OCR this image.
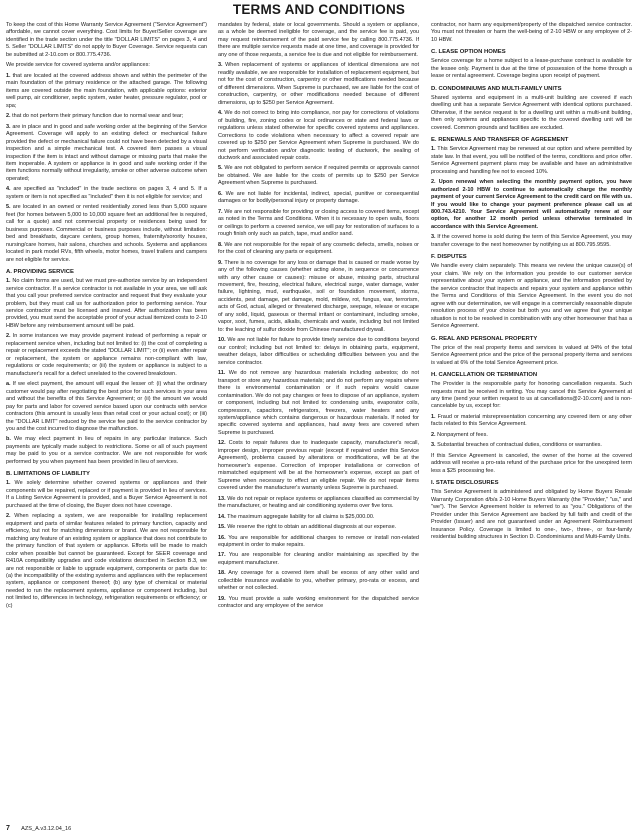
TERMS AND CONDITIONS

To keep the cost of this Home Warranty Service Agreement ("Service Agreement") affordable, we cannot cover everything. Cost limits for Buyer/Seller coverage are identified in the trade section under the title "DOLLAR LIMITS" on pages 3, 4 and 5. Seller "DOLLAR LIMITS" do not apply to Buyer Coverage. Service requests can be submitted at 2-10.com or 800.775.4736.

We provide service for covered systems and/or appliances:

1. that are located at the covered address shown and within the perimeter of the main foundation of the primary residence or the attached garage. The following items are covered outside the main foundation, with applicable options: exterior well pump, air conditioner, septic system, water heater, pressure regulator, pool or spa;

2. that do not perform their primary function due to normal wear and tear;

3. are in place and in good and safe working order at the beginning of the Service Agreement. Coverage will apply to an existing defect or mechanical failure provided the defect or mechanical failure could not have been detected by a visual inspection and a simple mechanical test. A covered item passes a visual inspection if the item is intact and without damage or missing parts that make the item inoperable. A system or appliance is in good and safe working order if the item functions normally without irregularity, smoke or other adverse outcome when operated;

4. are specified as "included" in the trade sections on pages 3, 4 and 5. If a system or item is not specified as "included" then it is not eligible for service; and

5. are located in an owned or rented residentially zoned less than 5,000 square feet (for homes between 5,000 to 10,000 square feet an additional fee is required, call for a quote) and not commercial property or residences being used for business purposes. Commercial or business purposes include, without limitation: bed and breakfasts, daycare centers, group homes, fraternity/sorority houses, nursing/care homes, hair salons, churches and schools. Systems and appliances located in park model RVs, fifth wheels, motor homes, travel trailers and campers are not eligible for service.

A. PROVIDING SERVICE

1. No claim forms are used, but we must pre-authorize service by an independent service contractor. If a service contractor is not available in your area, we will ask that you call your preferred service contractor and request that they evaluate your problem, but they must call us for authorization prior to performing service. Your service contractor must be licensed and insured. After authorization has been provided, you must send the acceptable proof of your actual itemized costs to 2-10 HBW before any reimbursement amount will be paid.

2. In some instances we may provide payment instead of performing a repair or replacement service when, including but not limited to: (i) the cost of completing a repair or replacement exceeds the stated "DOLLAR LIMIT"; or (ii) even after repair or replacement, the system or appliance remains non-compliant with law, regulations or code requirements; or (iii) the system or appliance is subject to a manufacturer's recall for a defect unrelated to the covered breakdown.

a. If we elect payment, the amount will equal the lesser of: (i) what the ordinary customer would pay after negotiating the best price for such services in your area and without the benefits of this Service Agreement; or (ii) the amount we would pay for parts and labor for covered service based upon our contracts with service contractors (this amount is usually less than retail cost or your actual cost); or (iii) the "DOLLAR LIMIT" reduced by the service fee paid to the service contractor by you and the cost incurred to diagnose the malfunction.

b. We may elect payment in lieu of repairs in any particular instance. Such payments are typically made subject to restrictions. Some or all of such payment may be paid to you or a service contractor. We are not responsible for work performed by you when payment has been provided in lieu of services.

B. LIMITATIONS OF LIABILITY

1. We solely determine whether covered systems or appliances and their components will be repaired, replaced or if payment is provided in lieu of services. If a Listing Service Agreement is provided, and a Buyer Service Agreement is not purchased at the time of closing, the Buyer does not have coverage.

2. When replacing a system, we are responsible for installing replacement equipment and parts of similar features related to primary function, capacity and efficiency, but not for matching dimensions or brand. We are not responsible for matching any feature of an existing system or appliance that does not contribute to the primary function of that system or appliance. Efforts will be made to match color when possible but cannot be guaranteed. Except for SEER coverage and R410A compatibility upgrades and code violations described in Section B.3, we are not responsible or liable to upgrade equipment, components or parts due to: (a) the incompatibility of the existing systems and appliances with the replacement system, appliance or component thereof; (b) any type of chemical or material needed to run the replacement systems, appliance or component including, but not limited to, differences in technology, refrigeration requirements or efficiency; or (c)

mandates by federal, state or local governments. Should a system or appliance, as a whole be deemed ineligible for coverage, and the service fee is paid, you may request reimbursement of the paid service fee by calling 800.775.4736. If there are multiple service requests made at one time, and coverage is provided for any one of those requests, a service fee is due and not eligible for reimbursement.

3. When replacement of systems or appliances of identical dimensions are not readily available, we are responsible for installation of replacement equipment, but not for the cost of construction, carpentry or other modifications needed because of different dimensions. When Supreme is purchased, we are liable for the cost of construction, carpentry, or other modifications needed because of different dimensions, up to $250 per Service Agreement.

4. We do not correct to bring into compliance, nor pay for corrections of violations of building, fire, zoning codes or local ordinances or state and federal laws or regulations unless stated otherwise for specific covered systems and appliances. Corrections to code violations when necessary to affect a covered repair are covered up to $250 per Service Agreement when Supreme is purchased. We do not perform verification and/or diagnostic testing of ductwork, the sealing of ductwork and associated repair costs.

5. We are not obligated to perform service if required permits or approvals cannot be obtained. We are liable for the costs of permits up to $250 per Service Agreement when Supreme is purchased.

6. We are not liable for incidental, indirect, special, punitive or consequential damages or for bodily/personal injury or property damage.

7. We are not responsible for providing or closing access to covered items, except as noted in the Terms and Conditions. When it is necessary to open walls, floors or ceilings to perform a covered service, we will pay for restoration of surfaces to a rough finish only such as patch, tape, mud and/or sand.

8. We are not responsible for the repair of any cosmetic defects, smells, noises or for the cost of cleaning any parts or equipment.

9. There is no coverage for any loss or damage that is caused or made worse by any of the following causes (whether acting alone, in sequence or concurrence with any other cause or causes): misuse or abuse, missing parts, structural movement, fire, freezing, electrical failure, electrical surge, water damage, water failure, lightning, mud, earthquake, soil or foundation movement, storms, accidents, pest damage, pet damage, mold, mildew, rot, fungus, war, terrorism, acts of God, actual, alleged or threatened discharge, seepage, release or escape of any solid, liquid, gaseous or thermal irritant or contaminant, including smoke, vapor, soot, fumes, acids, alkalis, chemicals and waste, including but not limited to: the leaching of sulfur dioxide from Chinese manufactured drywall.

10. We are not liable for failure to provide timely service due to conditions beyond our control; including but not limited to: delays in obtaining parts, equipment, weather delays, labor difficulties or scheduling difficulties between you and the service contractor.

11. We do not remove any hazardous materials including asbestos; do not transport or store any hazardous materials; and do not perform any repairs where there is environmental contamination or if such repairs would cause contamination. We do not pay changes or fees to dispose of an appliance, system or component, including but not limited to: condensing units, evaporator coils, compressors, capacitors, refrigerators, freezers, water heaters and any system/appliance which contains dangerous or hazardous materials. If noted for specific covered systems and appliances, haul away fees are covered when Supreme is purchased.

12. Costs to repair failures due to inadequate capacity, manufacturer's recall, improper design, improper previous repair (except if repaired under this Service Agreement), problems caused by alterations or modifications, will be at the homeowner's expense. Correction of improper installations or correction of mismatched equipment will be at the homeowner's expense, except as part of Supreme when necessary to effect an eligible repair. We do not repair items covered under the manufacturer's warranty unless Supreme is purchased.

13. We do not repair or replace systems or appliances classified as commercial by the manufacturer, or heating and air conditioning systems over five tons.

14. The maximum aggregate liability for all claims is $25,000.00.

15. We reserve the right to obtain an additional diagnosis at our expense.

16. You are responsible for additional charges to remove or install non-related equipment in order to make repairs.

17. You are responsible for cleaning and/or maintaining as specified by the equipment manufacturer.

18. Any coverage for a covered item shall be excess of any other valid and collectible insurance available to you, whether primary, pro-rata or excess, and whether or not collected.

19. You must provide a safe working environment for the dispatched service contractor and any employee of the service

contractor, nor harm any equipment/property of the dispatched service contractor. You must not threaten or harm the well-being of 2-10 HBW or any employee of 2-10 HBW.

C. LEASE OPTION HOMES

Service coverage for a home subject to a lease-purchase contract is available for the lessee only. Payment is due at the time of possession of the home through a lease or rental agreement. Coverage begins upon receipt of payment.

D. CONDOMINIUMS AND MULTI-FAMILY UNITS

Shared systems and equipment in a multi-unit building are covered if each dwelling unit has a separate Service Agreement with identical options purchased. Otherwise, if the service request is for a dwelling unit within a multi-unit building, then only systems and appliances specific to the covered dwelling unit will be covered. Common grounds and facilities are excluded.

E. RENEWALS AND TRANSFER OF AGREEMENT

1. This Service Agreement may be renewed at our option and where permitted by state law. In that event, you will be notified of the terms, conditions and price offer. Service Agreement payment plans may be available and have an administrative processing and handling fee not to exceed 10%.

2. Upon renewal when selecting the monthly payment option, you have authorized 2-10 HBW to continue to automatically charge the monthly payment of your current Service Agreement to the credit card on file with us. If you would like to change your payment preference please call us at 800.743.4210. Your Service Agreement will automatically renew at our option, for another 12 month period unless otherwise terminated in accordance with this Service Agreement.

3. If the covered home is sold during the term of this Service Agreement, you may transfer coverage to the next homeowner by notifying us at 800.795.9595.

F. DISPUTES

We handle every claim separately. This means we review the unique cause(s) of your claim. We rely on the information you provide to our customer service representative about your system or appliance, and the information provided by the service contractor that inspects and repairs your system and appliance within the Terms and Conditions of this Service Agreement. In the event you do not agree with our determination, we will engage in a commercially reasonable dispute resolution process of your choice but both you and we agree that your unique situation is not to be resolved in combination with any other homeowner that has a Service Agreement.

G. REAL AND PERSONAL PROPERTY

The price of the real property items and services is valued at 94% of the total Service Agreement price and the price of the personal property items and services is valued at 6% of the total Service Agreement price.

H. CANCELLATION OR TERMINATION

The Provider is the responsible party for honoring cancellation requests. Such requests must be received in writing. You may cancel this Service Agreement at any time (send your written request to us at cancellations@2-10.com) and is non-cancelable by us, except for:

1. Fraud or material misrepresentation concerning any covered item or any other facts related to this Service Agreement.

2. Nonpayment of fees.

3. Substantial breaches of contractual duties, conditions or warranties.

If this Service Agreement is canceled, the owner of the home at the covered address will receive a pro-rata refund of the purchase price for the unexpired term less a $25 processing fee.

I. STATE DISCLOSURES

This Service Agreement is administered and obligated by Home Buyers Resale Warranty Corporation d/b/a 2-10 Home Buyers Warranty (the "Provider," "us," and "we"). The Service Agreement holder is referred to as "you." Obligations of the Provider under this Service Agreement are backed by full faith and credit of the Provider (Issuer) and are not guaranteed under an Agreement Reimbursement Insurance Policy. Coverage is limited to one-, two-, three-, or four-family residential building structures in Section D. Condominiums and Multi-Family Units.

7 AZS_A.v3.12.04_16
